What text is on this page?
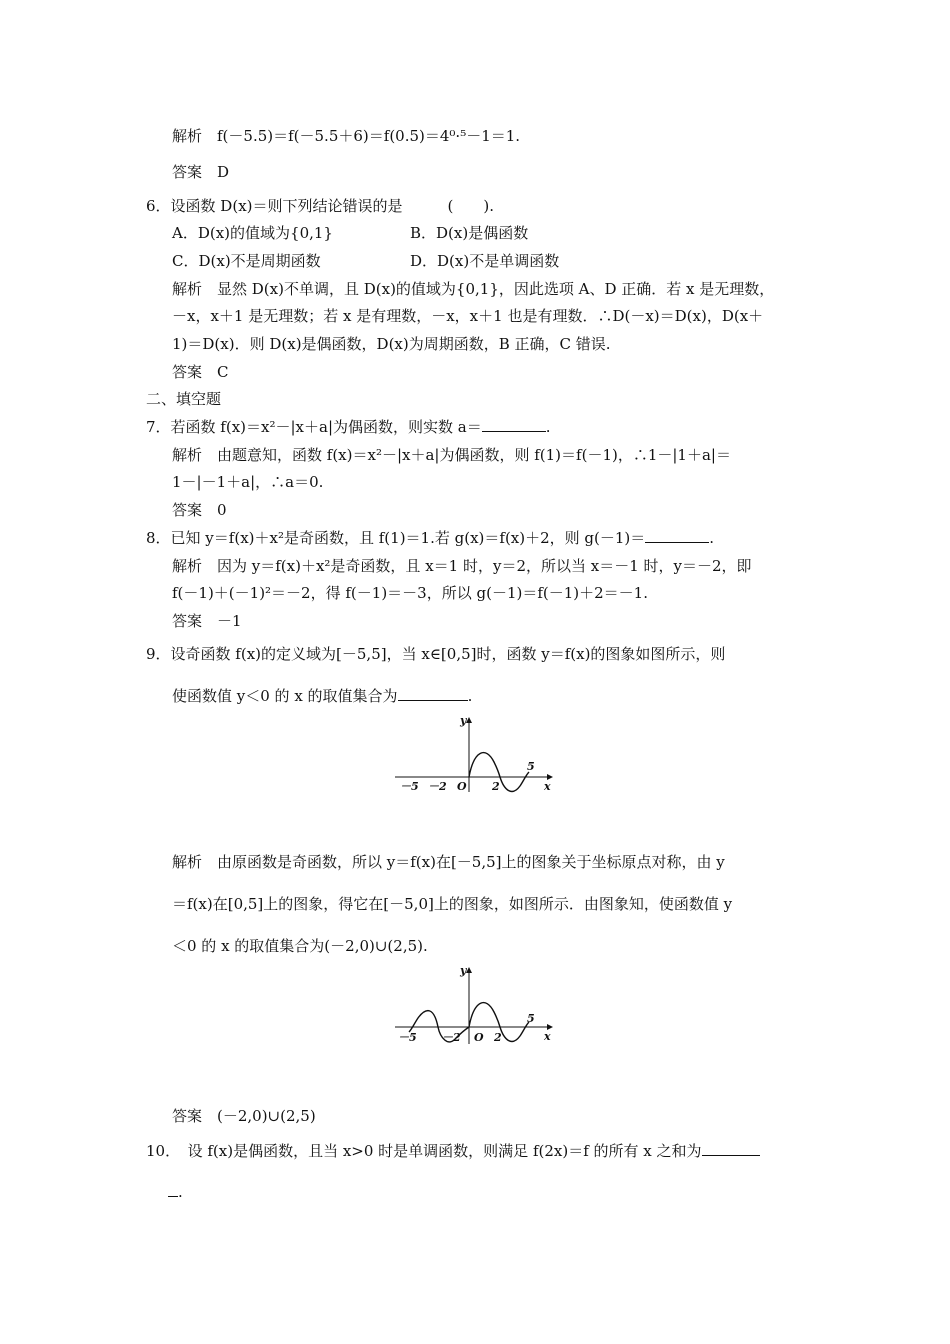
解析　f(－5.5)＝f(－5.5＋6)＝f(0.5)＝4⁰·⁵－1＝1.
答案　D
6．设函数 D(x)＝则下列结论错误的是　　　(　　).
A．D(x)的值域为{0,1}	B．D(x)是偶函数
C．D(x)不是周期函数	D．D(x)不是单调函数
解析　显然 D(x)不单调，且 D(x)的值域为{0,1}，因此选项 A、D 正确．若 x 是无理数，
－x，x＋1 是无理数；若 x 是有理数，－x，x＋1 也是有理数．∴D(－x)＝D(x)，D(x＋
1)＝D(x)．则 D(x)是偶函数，D(x)为周期函数，B 正确，C 错误.
答案　C
二、填空题
7．若函数 f(x)＝x²－|x＋a|为偶函数，则实数 a＝	.
解析　由题意知，函数 f(x)＝x²－|x＋a|为偶函数，则 f(1)＝f(－1)，∴1－|1＋a|＝
1－|－1＋a|，∴a＝0.
答案　0
8．已知 y＝f(x)＋x²是奇函数，且 f(1)＝1.若 g(x)＝f(x)＋2，则 g(－1)＝	.
解析　因为 y＝f(x)＋x²是奇函数，且 x＝1 时，y＝2，所以当 x＝－1 时，y＝－2，即
f(－1)＋(－1)²＝－2，得 f(－1)＝－3，所以 g(－1)＝f(－1)＋2＝－1.
答案　－1
9．设奇函数 f(x)的定义域为[－5,5]，当 x∈[0,5]时，函数 y＝f(x)的图象如图所示，则
使函数值 y＜0 的 x 的取值集合为	.
y
x
－5 －2 O 2
5
解析　由原函数是奇函数，所以 y＝f(x)在[－5,5]上的图象关于坐标原点对称，由 y
＝f(x)在[0,5]上的图象，得它在[－5,0]上的图象，如图所示．由图象知，使函数值 y
＜0 的 x 的取值集合为(－2,0)∪(2,5).
y
x
－5 －2 O 2
5
答案　(－2,0)∪(2,5)
10．　设 f(x)是偶函数，且当 x>0 时是单调函数，则满足 f(2x)＝f 的所有 x 之和为
.
